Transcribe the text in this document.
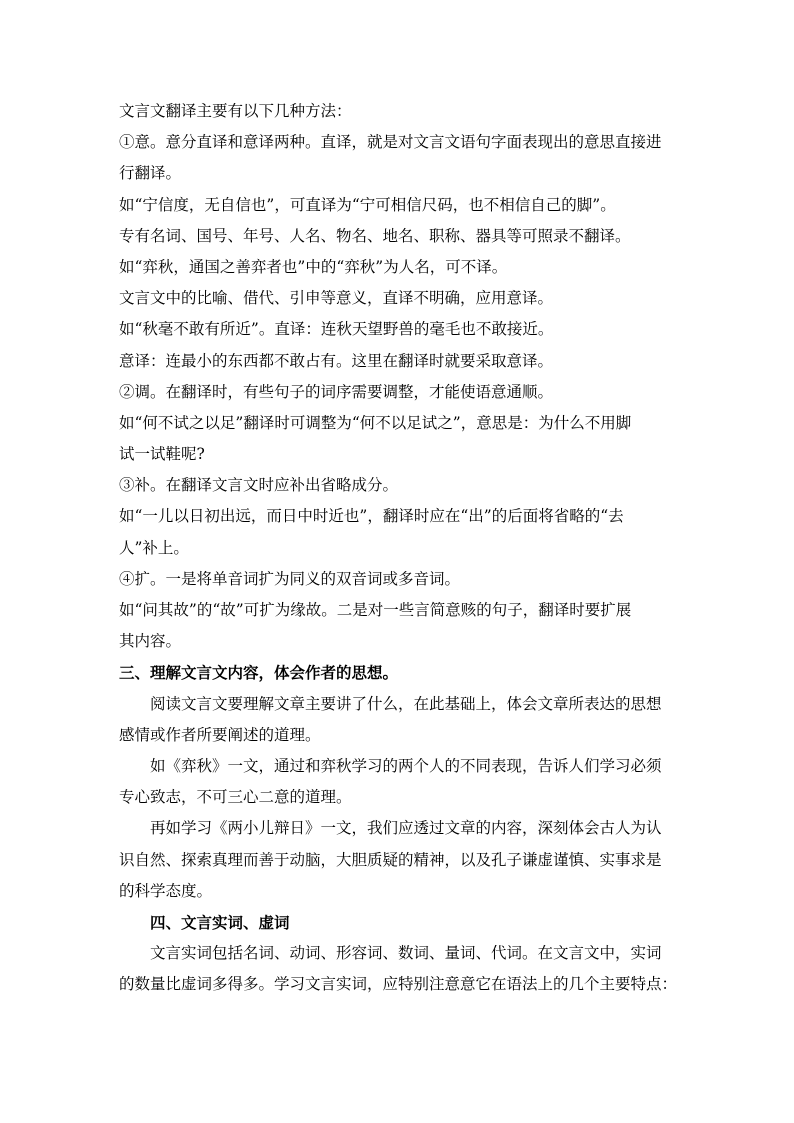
文言文翻译主要有以下几种方法：
①意。意分直译和意译两种。直译，就是对文言文语句字面表现出的意思直接进
行翻译。
如“宁信度，无自信也”，可直译为“宁可相信尺码，也不相信自己的脚”。
专有名词、国号、年号、人名、物名、地名、职称、器具等可照录不翻译。
如“弈秋，通国之善弈者也”中的“弈秋”为人名，可不译。
文言文中的比喻、借代、引申等意义，直译不明确，应用意译。
如“秋毫不敢有所近”。直译：连秋天望野兽的毫毛也不敢接近。
意译：连最小的东西都不敢占有。这里在翻译时就要采取意译。
②调。在翻译时，有些句子的词序需要调整，才能使语意通顺。
如“何不试之以足”翻译时可调整为“何不以足试之”，意思是：为什么不用脚
试一试鞋呢?
③补。在翻译文言文时应补出省略成分。
如“一儿以日初出远，而日中时近也”，翻译时应在“出”的后面将省略的“去
人”补上。
④扩。一是将单音词扩为同义的双音词或多音词。
如“问其故”的“故”可扩为缘故。二是对一些言简意赅的句子，翻译时要扩展
其内容。
三、理解文言文内容，体会作者的思想。
阅读文言文要理解文章主要讲了什么，在此基础上，体会文章所表达的思想
感情或作者所要阐述的道理。
如《弈秋》一文，通过和弈秋学习的两个人的不同表现，告诉人们学习必须
专心致志，不可三心二意的道理。
再如学习《两小儿辩日》一文，我们应透过文章的内容，深刻体会古人为认
识自然、探索真理而善于动脑，大胆质疑的精神，以及孔子谦虚谨慎、实事求是
的科学态度。
四、文言实词、虚词
文言实词包括名词、动词、形容词、数词、量词、代词。在文言文中，实词
的数量比虚词多得多。学习文言实词，应特别注意意它在语法上的几个主要特点：
